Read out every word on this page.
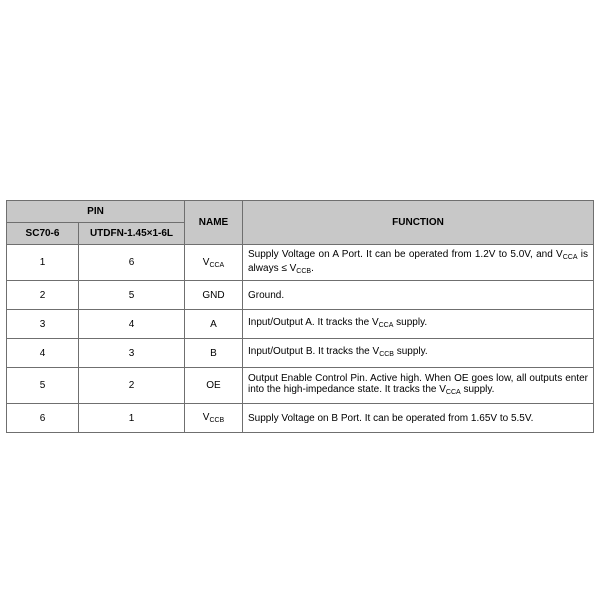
PIN		NAME	FUNCTION
SC70-6	UTDFN-1.45×1-6L		
1	6	$V_{CCA}$	Supply Voltage on A Port. It can be operated from 1.2V to 5.0V, and $V_{CCA}$ is always ≤ $V_{CCB}$.
2	5	GND	Ground.
3	4	A	Input/Output A. It tracks the $V_{CCA}$ supply.
4	3	B	Input/Output B. It tracks the $V_{CCB}$ supply.
5	2	OE	Output Enable Control Pin. Active high. When OE goes low, all outputs enter into the high-impedance state. It tracks the $V_{CCA}$ supply.
6	1	$V_{CCB}$	Supply Voltage on B Port. It can be operated from 1.65V to 5.5V.
